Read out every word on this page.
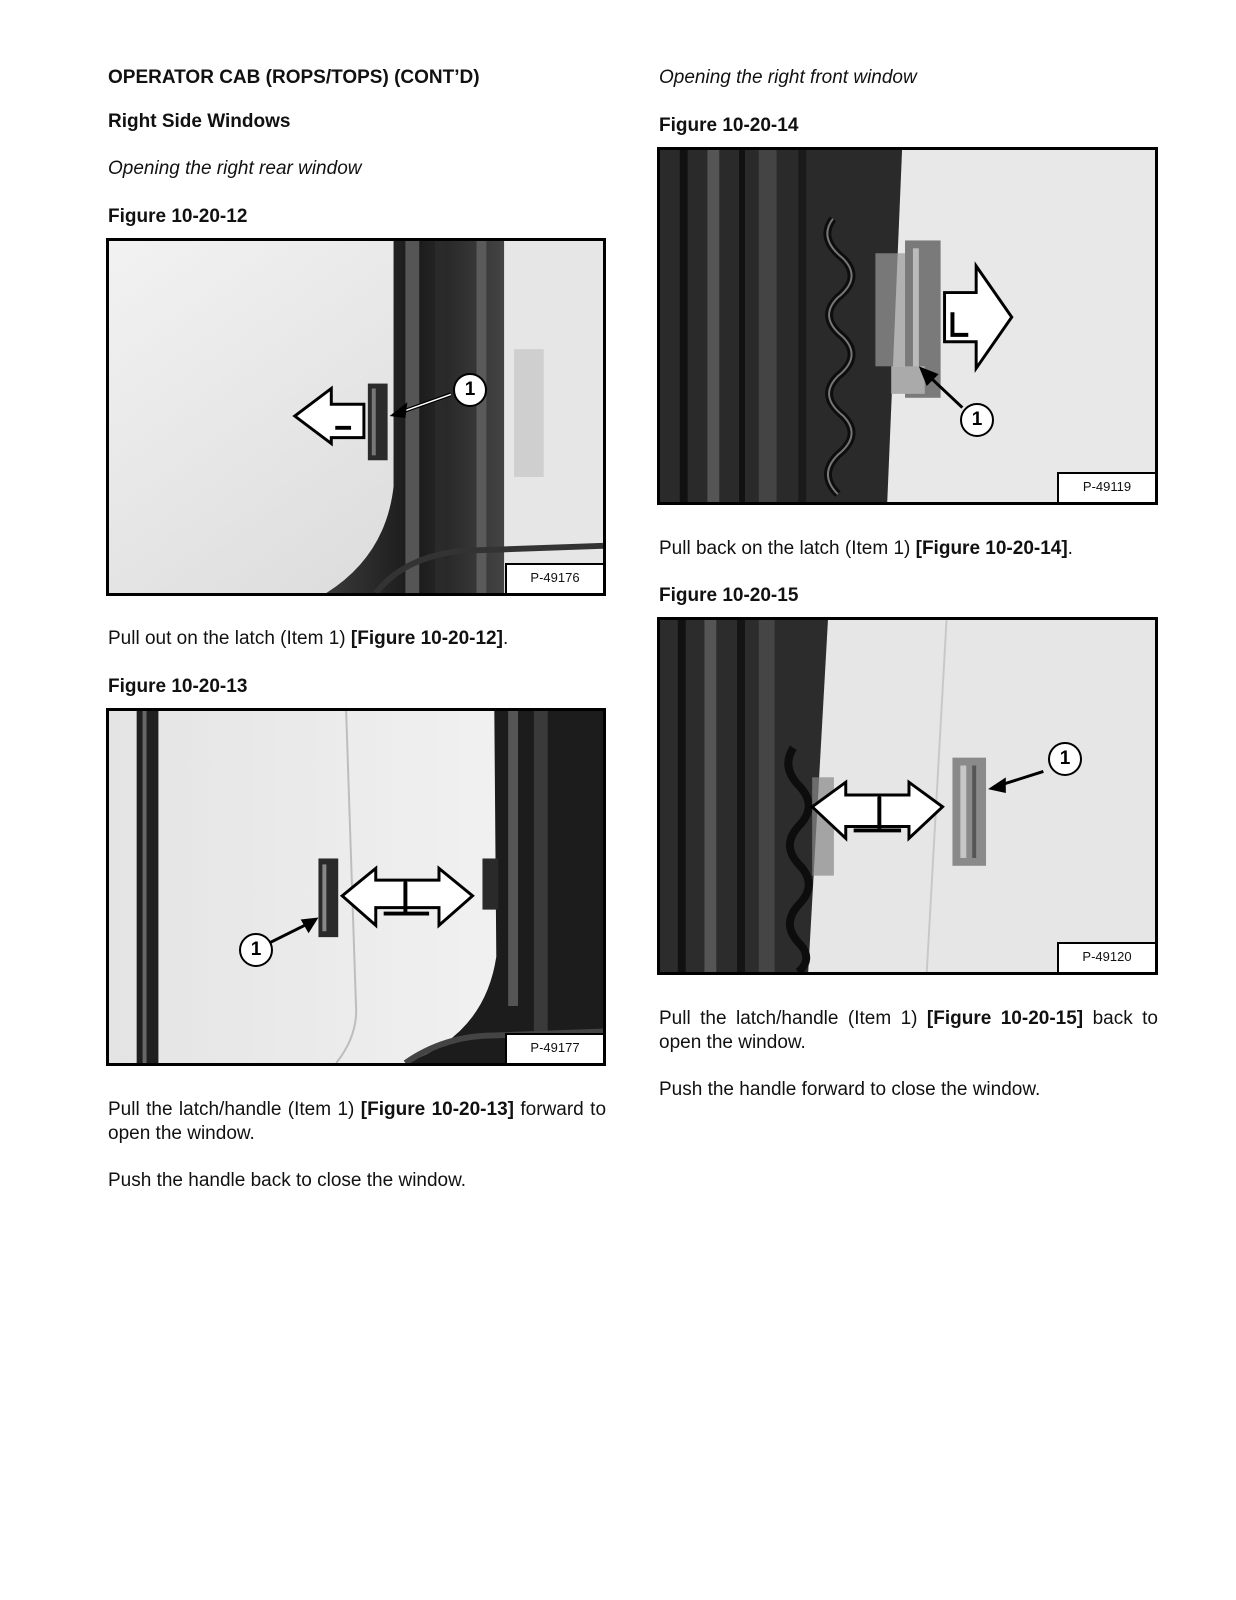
OPERATOR CAB (ROPS/TOPS) (CONT’D)
Right Side Windows
Opening the right rear window
Figure 10-20-12
1
P-49176

Pull out on the latch (Item 1) [Figure 10-20-12].

Figure 10-20-13
1
P-49177

Pull the latch/handle (Item 1) [Figure 10-20-13] forward to open the window.

Push the handle back to close the window.
Opening the right front window
Figure 10-20-14
1
P-49119

Pull back on the latch (Item 1) [Figure 10-20-14].

Figure 10-20-15
1
P-49120

Pull the latch/handle (Item 1) [Figure 10-20-15] back to open the window.

Push the handle forward to close the window.
